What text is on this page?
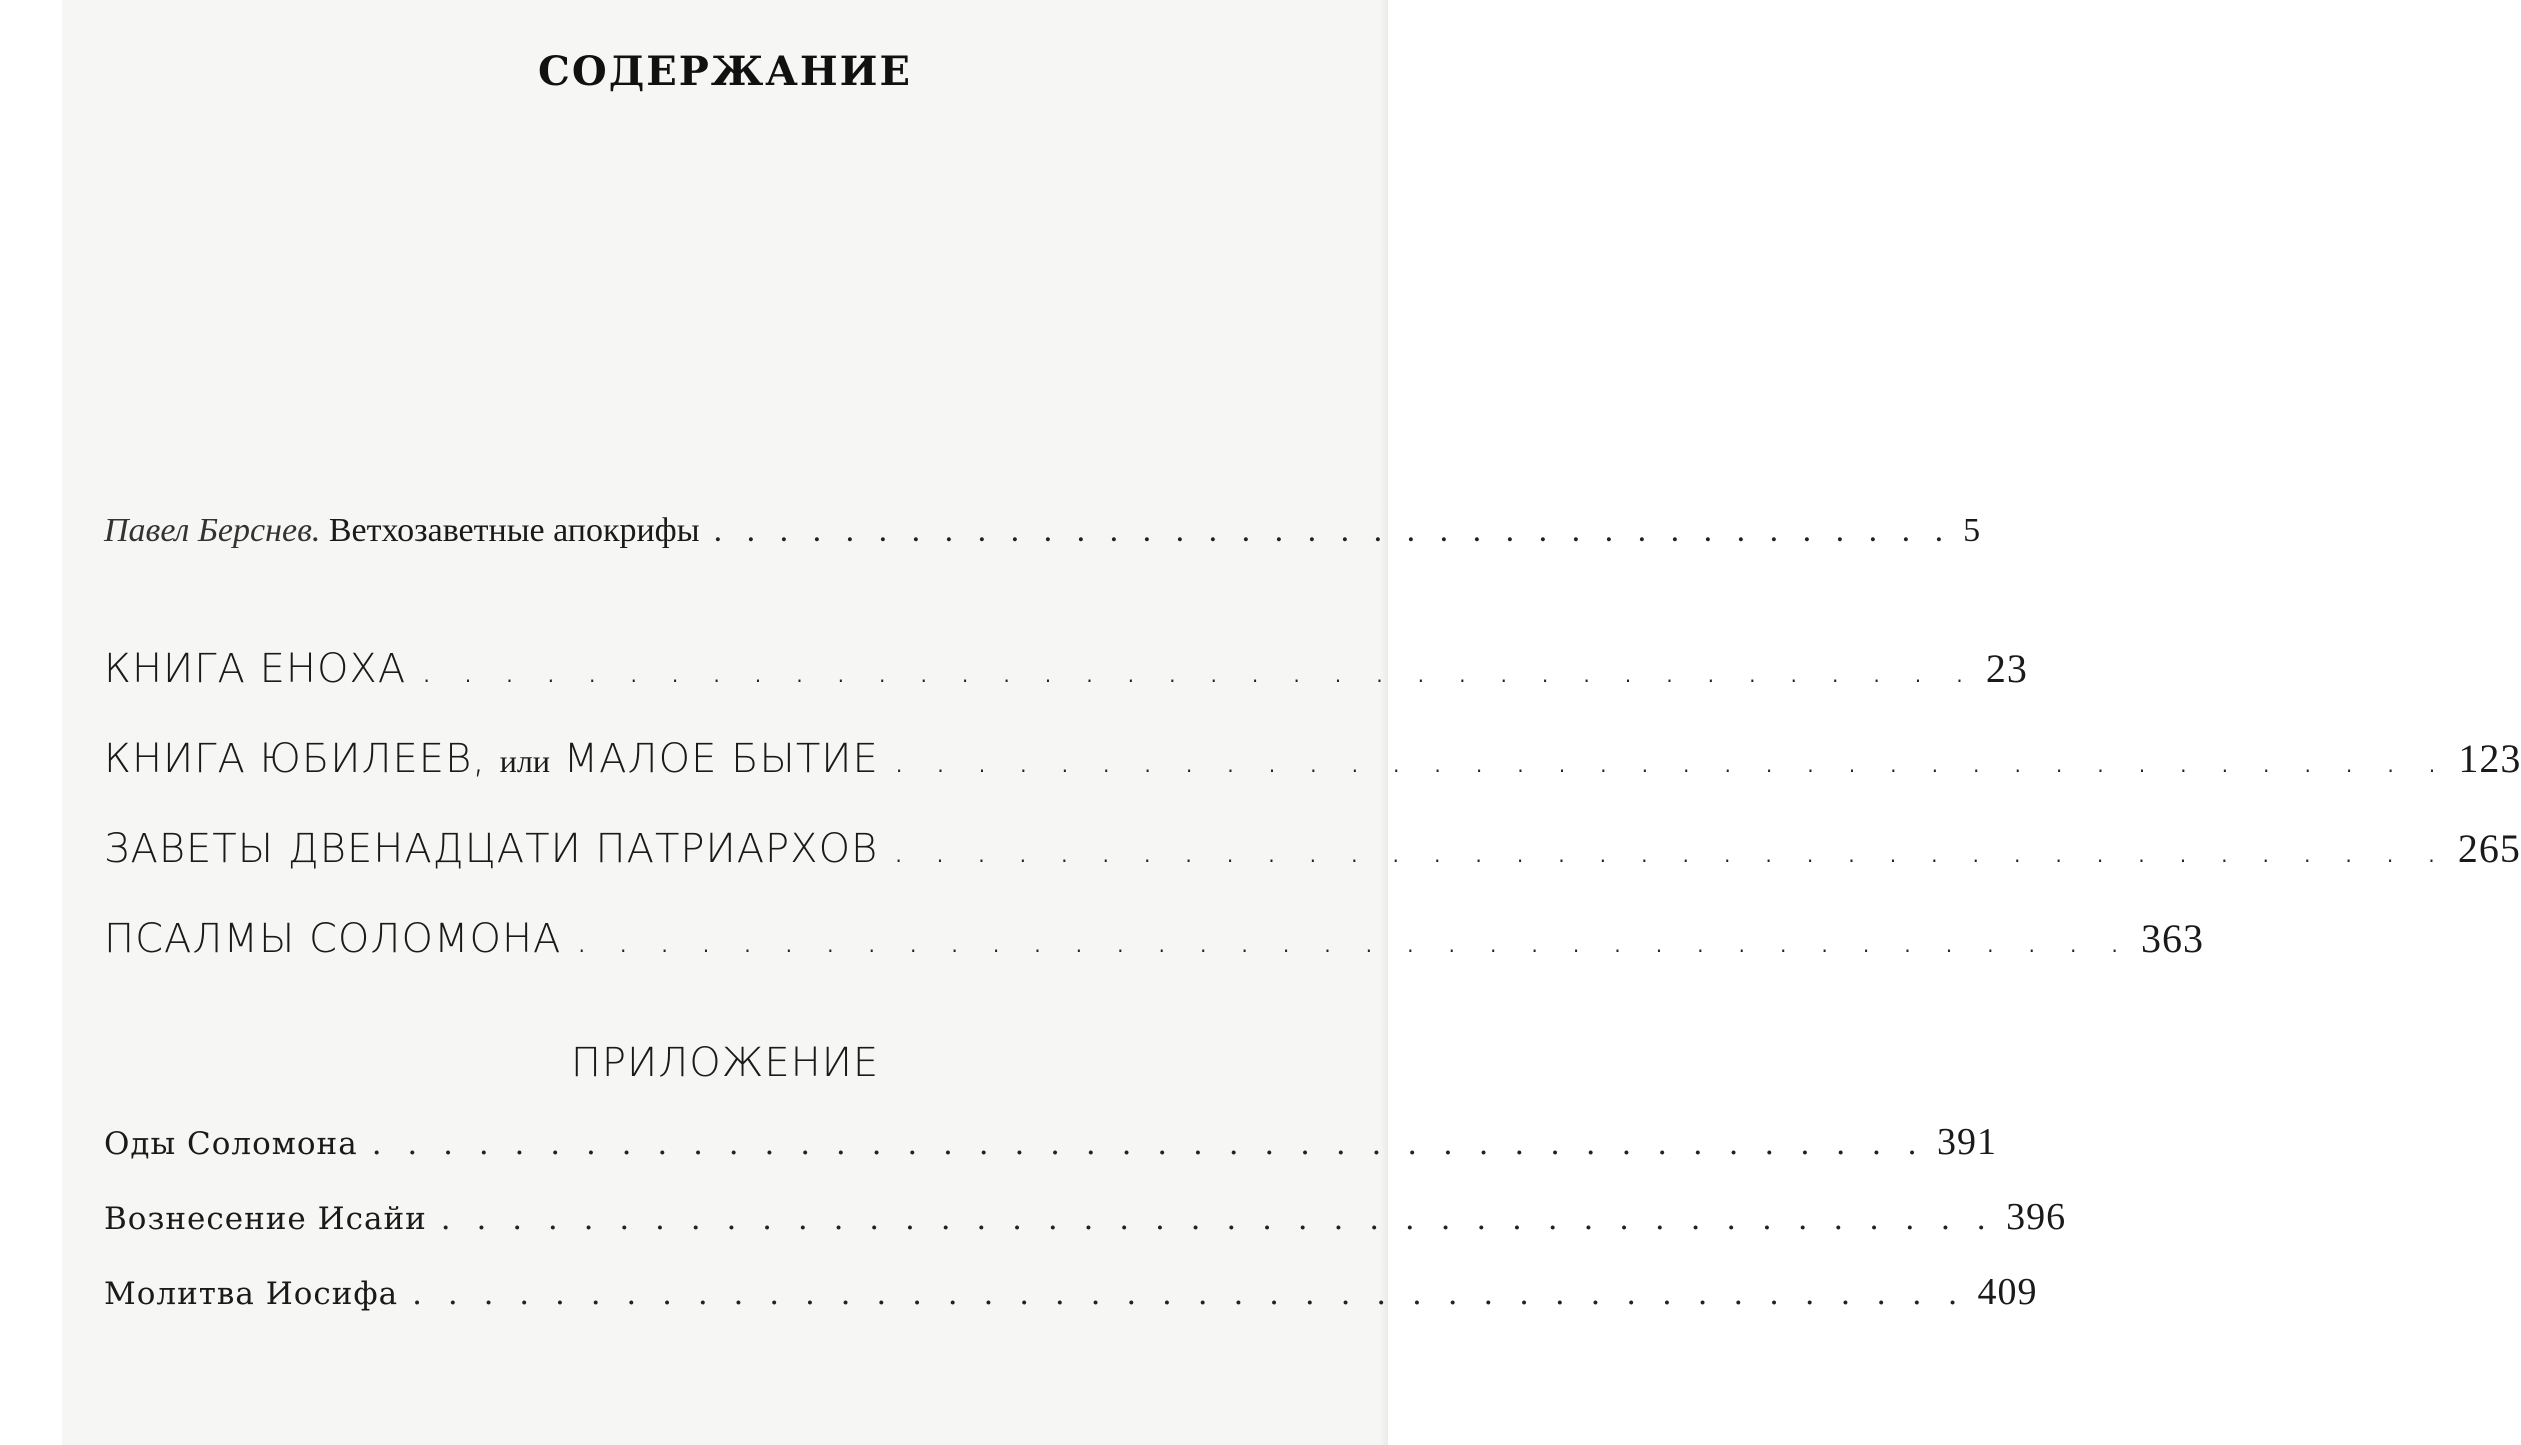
СОДЕРЖАНИЕ
Павел Берснев. Ветхозаветные апокрифы . . . . . . . . . . . . . . . . . . . . . . . . . . . . . . . . . . . . . . 5
КНИГА ЕНОХА . . . . . . . . . . . . . . . . . . . . . . . . . . . . . . . . . . . . . . 23
КНИГА ЮБИЛЕЕВ, или МАЛОЕ БЫТИЕ . . . . . . . . . . . . . . . . . . . . . . . . . . . . . . . . . . . . . . 123
ЗАВЕТЫ ДВЕНАДЦАТИ ПАТРИАРХОВ . . . . . . . . . . . . . . . . . . . . . . . . . . . . . . . . . . . . . . 265
ПСАЛМЫ СОЛОМОНА . . . . . . . . . . . . . . . . . . . . . . . . . . . . . . . . . . . . . . 363
ПРИЛОЖЕНИЕ
Оды Соломона . . . . . . . . . . . . . . . . . . . . . . . . . . . . . . . . . . . . . . . . . . . . 391
Вознесение Исайи . . . . . . . . . . . . . . . . . . . . . . . . . . . . . . . . . . . . . . . . . . . . 396
Молитва Иосифа . . . . . . . . . . . . . . . . . . . . . . . . . . . . . . . . . . . . . . . . . . . . 409
